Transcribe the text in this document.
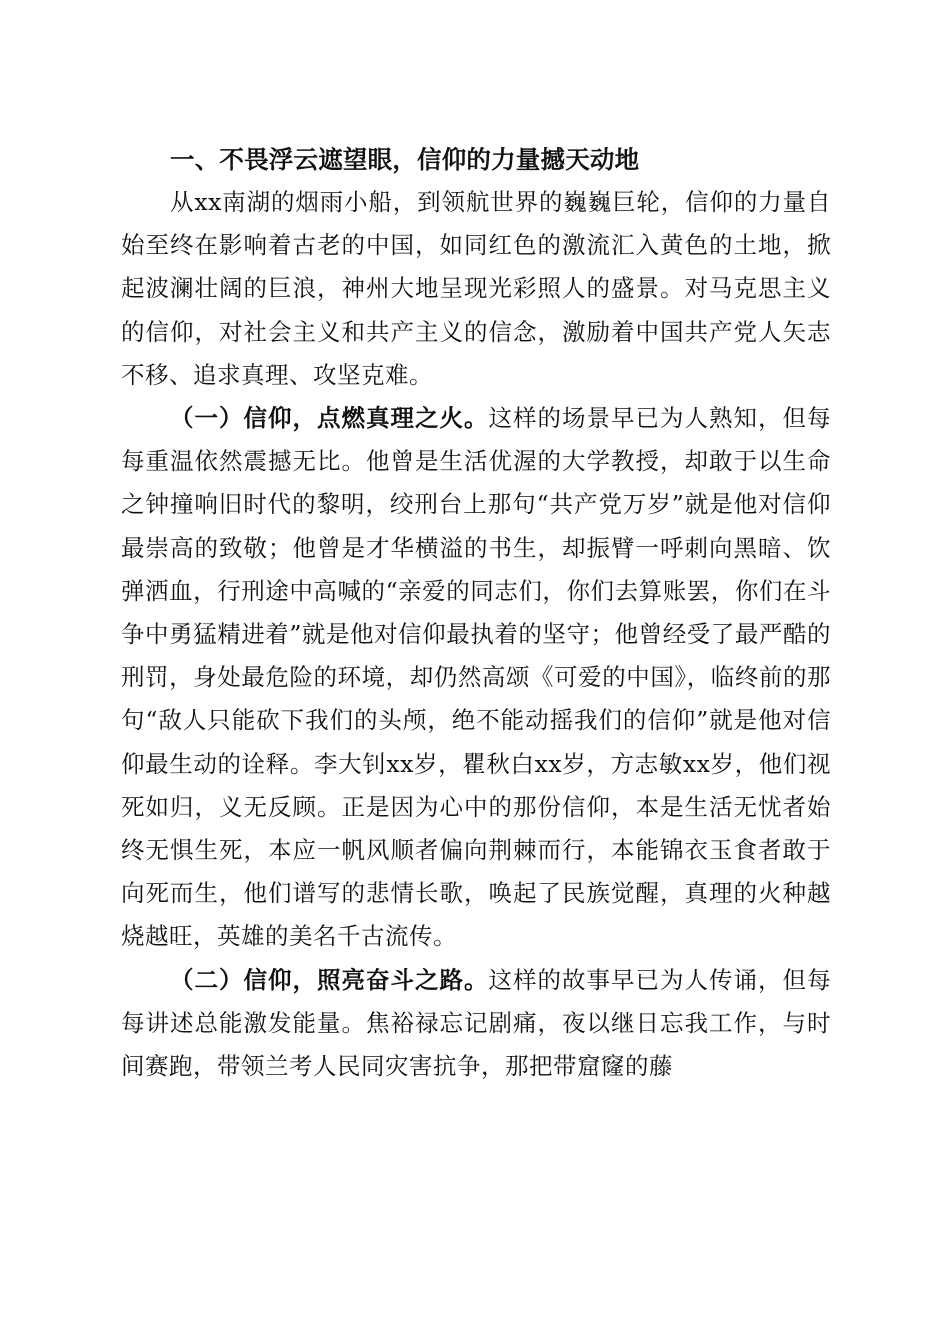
一、不畏浮云遮望眼，信仰的力量撼天动地

从xx南湖的烟雨小船，到领航世界的巍巍巨轮，信仰的力量自始至终在影响着古老的中国，如同红色的激流汇入黄色的土地，掀起波澜壮阔的巨浪，神州大地呈现光彩照人的盛景。对马克思主义的信仰，对社会主义和共产主义的信念，激励着中国共产党人矢志不移、追求真理、攻坚克难。

（一）信仰，点燃真理之火。这样的场景早已为人熟知，但每每重温依然震撼无比。他曾是生活优渥的大学教授，却敢于以生命之钟撞响旧时代的黎明，绞刑台上那句“共产党万岁”就是他对信仰最崇高的致敬；他曾是才华横溢的书生，却振臂一呼刺向黑暗、饮弹洒血，行刑途中高喊的“亲爱的同志们，你们去算账罢，你们在斗争中勇猛精进着”就是他对信仰最执着的坚守；他曾经受了最严酷的刑罚，身处最危险的环境，却仍然高颂《可爱的中国》，临终前的那句“敌人只能砍下我们的头颅，绝不能动摇我们的信仰”就是他对信仰最生动的诠释。李大钊xx岁，瞿秋白xx岁，方志敏xx岁，他们视死如归，义无反顾。正是因为心中的那份信仰，本是生活无忧者始终无惧生死，本应一帆风顺者偏向荆棘而行，本能锦衣玉食者敢于向死而生，他们谱写的悲情长歌，唤起了民族觉醒，真理的火种越烧越旺，英雄的美名千古流传。

（二）信仰，照亮奋斗之路。这样的故事早已为人传诵，但每每讲述总能激发能量。焦裕禄忘记剧痛，夜以继日忘我工作，与时间赛跑，带领兰考人民同灾害抗争，那把带窟窿的藤
